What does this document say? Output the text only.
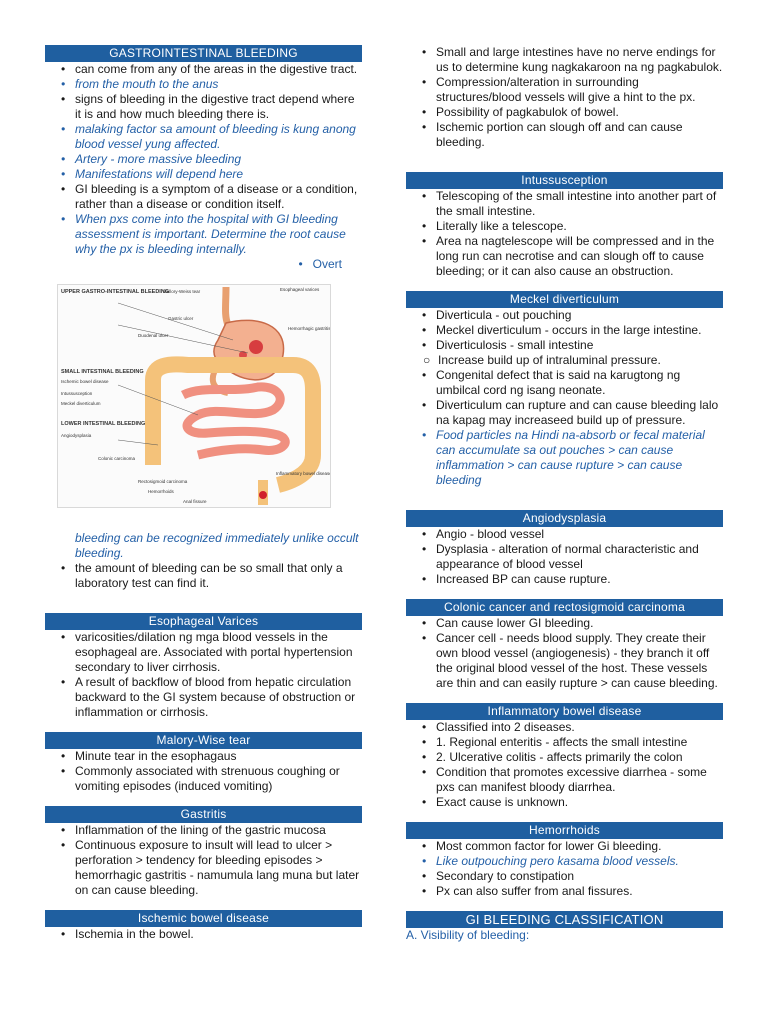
GASTROINTESTINAL BLEEDING
• can come from any of the areas in the digestive tract.
• from the mouth to the anus
• signs of bleeding in the digestive tract depend where it is and how much bleeding there is.
• malaking factor sa amount of bleeding is kung anong blood vessel yung affected.
• Artery - more massive bleeding
• Manifestations will depend here
• GI bleeding is a symptom of a disease or a condition, rather than a disease or condition itself.
• When pxs come into the hospital with GI bleeding assessment is important. Determine the root cause why the px is bleeding internally.
• Overt
UPPER GASTRO-INTESTINAL BLEEDING
SMALL INTESTINAL BLEEDING
LOWER INTESTINAL BLEEDING
Mallory-Weiss tear	Esophageal varices
Gastric ulcer
Duodenal ulcer
Hemorrhagic gastritis
Ischemic bowel disease
Intussusception
Meckel diverticulum
Angiodysplasia
Colonic carcinoma
Rectosigmoid carcinoma
Hemorrhoids
Anal fissure
Inflammatory bowel disease
bleeding can be recognized immediately unlike occult bleeding.
• the amount of bleeding can be so small that only a laboratory test can find it.
Esophageal Varices
• varicosities/dilation ng mga blood vessels in the esophageal are. Associated with portal hypertension secondary to liver cirrhosis.
• A result of backflow of blood from hepatic circulation backward to the GI system because of obstruction or inflammation or cirrhosis.
Malory-Wise tear
• Minute tear in the esophagaus
• Commonly associated with strenuous coughing or vomiting episodes (induced vomiting)
Gastritis
• Inflammation of the lining of the gastric mucosa
• Continuous exposure to insult will lead to ulcer > perforation > tendency for bleeding episodes > hemorrhagic gastritis - namumula lang muna but later on can cause bleeding.
Ischemic bowel disease
• Ischemia in the bowel.
• Small and large intestines have no nerve endings for us to determine kung nagkakaroon na ng pagkabulok.
• Compression/alteration in surrounding structures/blood vessels will give a hint to the px.
• Possibility of pagkabulok of bowel.
• Ischemic portion can slough off and can cause bleeding.
Intussusception
• Telescoping of the small intestine into another part of the small intestine.
• Literally like a telescope.
• Area na nagtelescope will be compressed and in the long run can necrotise and can slough off to cause bleeding; or it can also cause an obstruction.
Meckel diverticulum
• Diverticula - out pouching
• Meckel diverticulum - occurs in the large intestine.
• Diverticulosis - small intestine
○ Increase build up of intraluminal pressure.
• Congenital defect that is said na karugtong ng umbilcal cord ng isang neonate.
• Diverticulum can rupture and can cause bleeding lalo na kapag may increaseed build up of pressure.
• Food particles na Hindi na-absorb or fecal material can accumulate sa out pouches > can cause inflammation > can cause rupture > can cause bleeding
Angiodysplasia
• Angio - blood vessel
• Dysplasia - alteration of normal characteristic and appearance of blood vessel
• Increased BP can cause rupture.
Colonic cancer and rectosigmoid carcinoma
• Can cause lower GI bleeding.
• Cancer cell - needs blood supply. They create their own blood vessel (angiogenesis) - they branch it off the original blood vessel of the host. These vessels are thin and can easily rupture > can cause bleeding.
Inflammatory bowel disease
• Classified into 2 diseases.
• 1. Regional enteritis - affects the small intestine
• 2. Ulcerative colitis - affects primarily the colon
• Condition that promotes excessive diarrhea - some pxs can manifest bloody diarrhea.
• Exact cause is unknown.
Hemorrhoids
• Most common factor for lower Gi bleeding.
• Like outpouching pero kasama blood vessels.
• Secondary to constipation
• Px can also suffer from anal fissures.
GI BLEEDING CLASSIFICATION
A. Visibility of bleeding:
